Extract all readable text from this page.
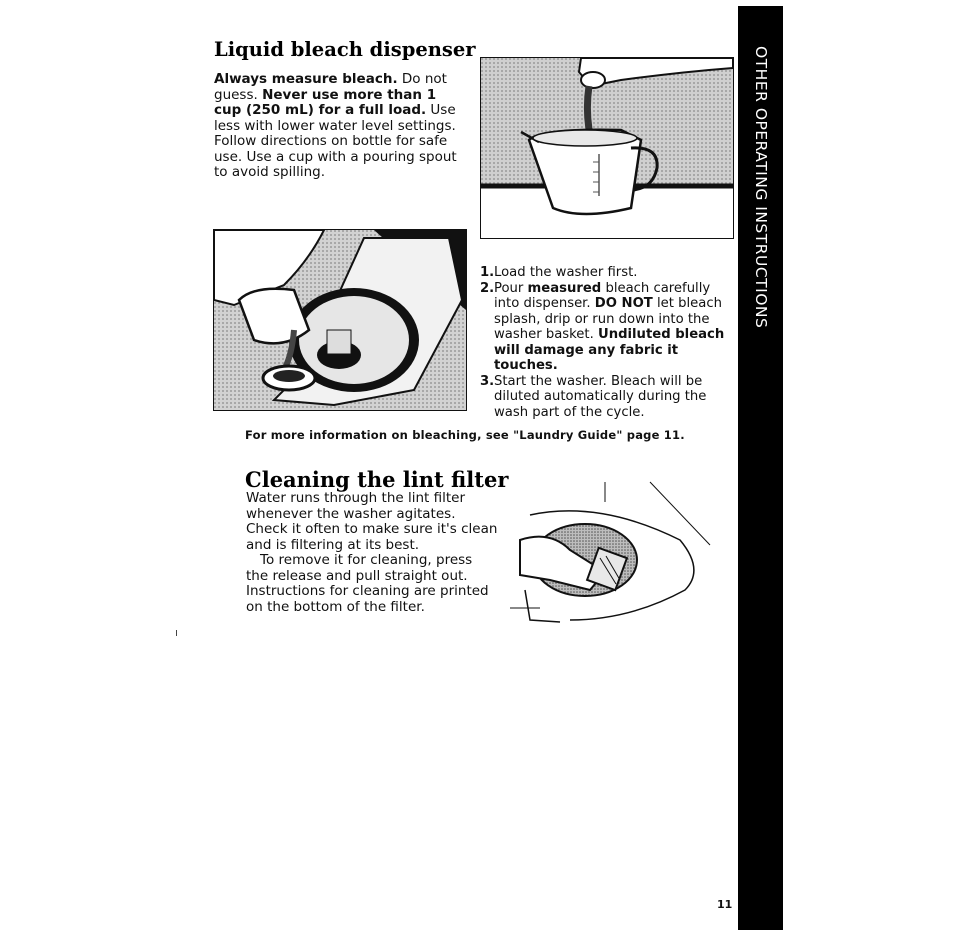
OTHER OPERATING INSTRUCTIONS
Liquid bleach dispenser

Always measure bleach. Do not guess. Never use more than 1 cup (250 mL) for a full load. Use less with lower water level settings. Follow directions on bottle for safe use. Use a cup with a pouring spout to avoid spilling.

1. Load the washer first.
2. Pour measured bleach carefully into dispenser. DO NOT let bleach splash, drip or run down into the washer basket. Undiluted bleach will damage any fabric it touches.
3. Start the washer. Bleach will be diluted automatically during the wash part of the cycle.
For more information on bleaching, see "Laundry Guide" page 11.
Cleaning the lint filter

Water runs through the lint filter whenever the washer agitates. Check it often to make sure it's clean and is filtering at its best.

To remove it for cleaning, press the release and pull straight out. Instructions for cleaning are printed on the bottom of the filter.

11
